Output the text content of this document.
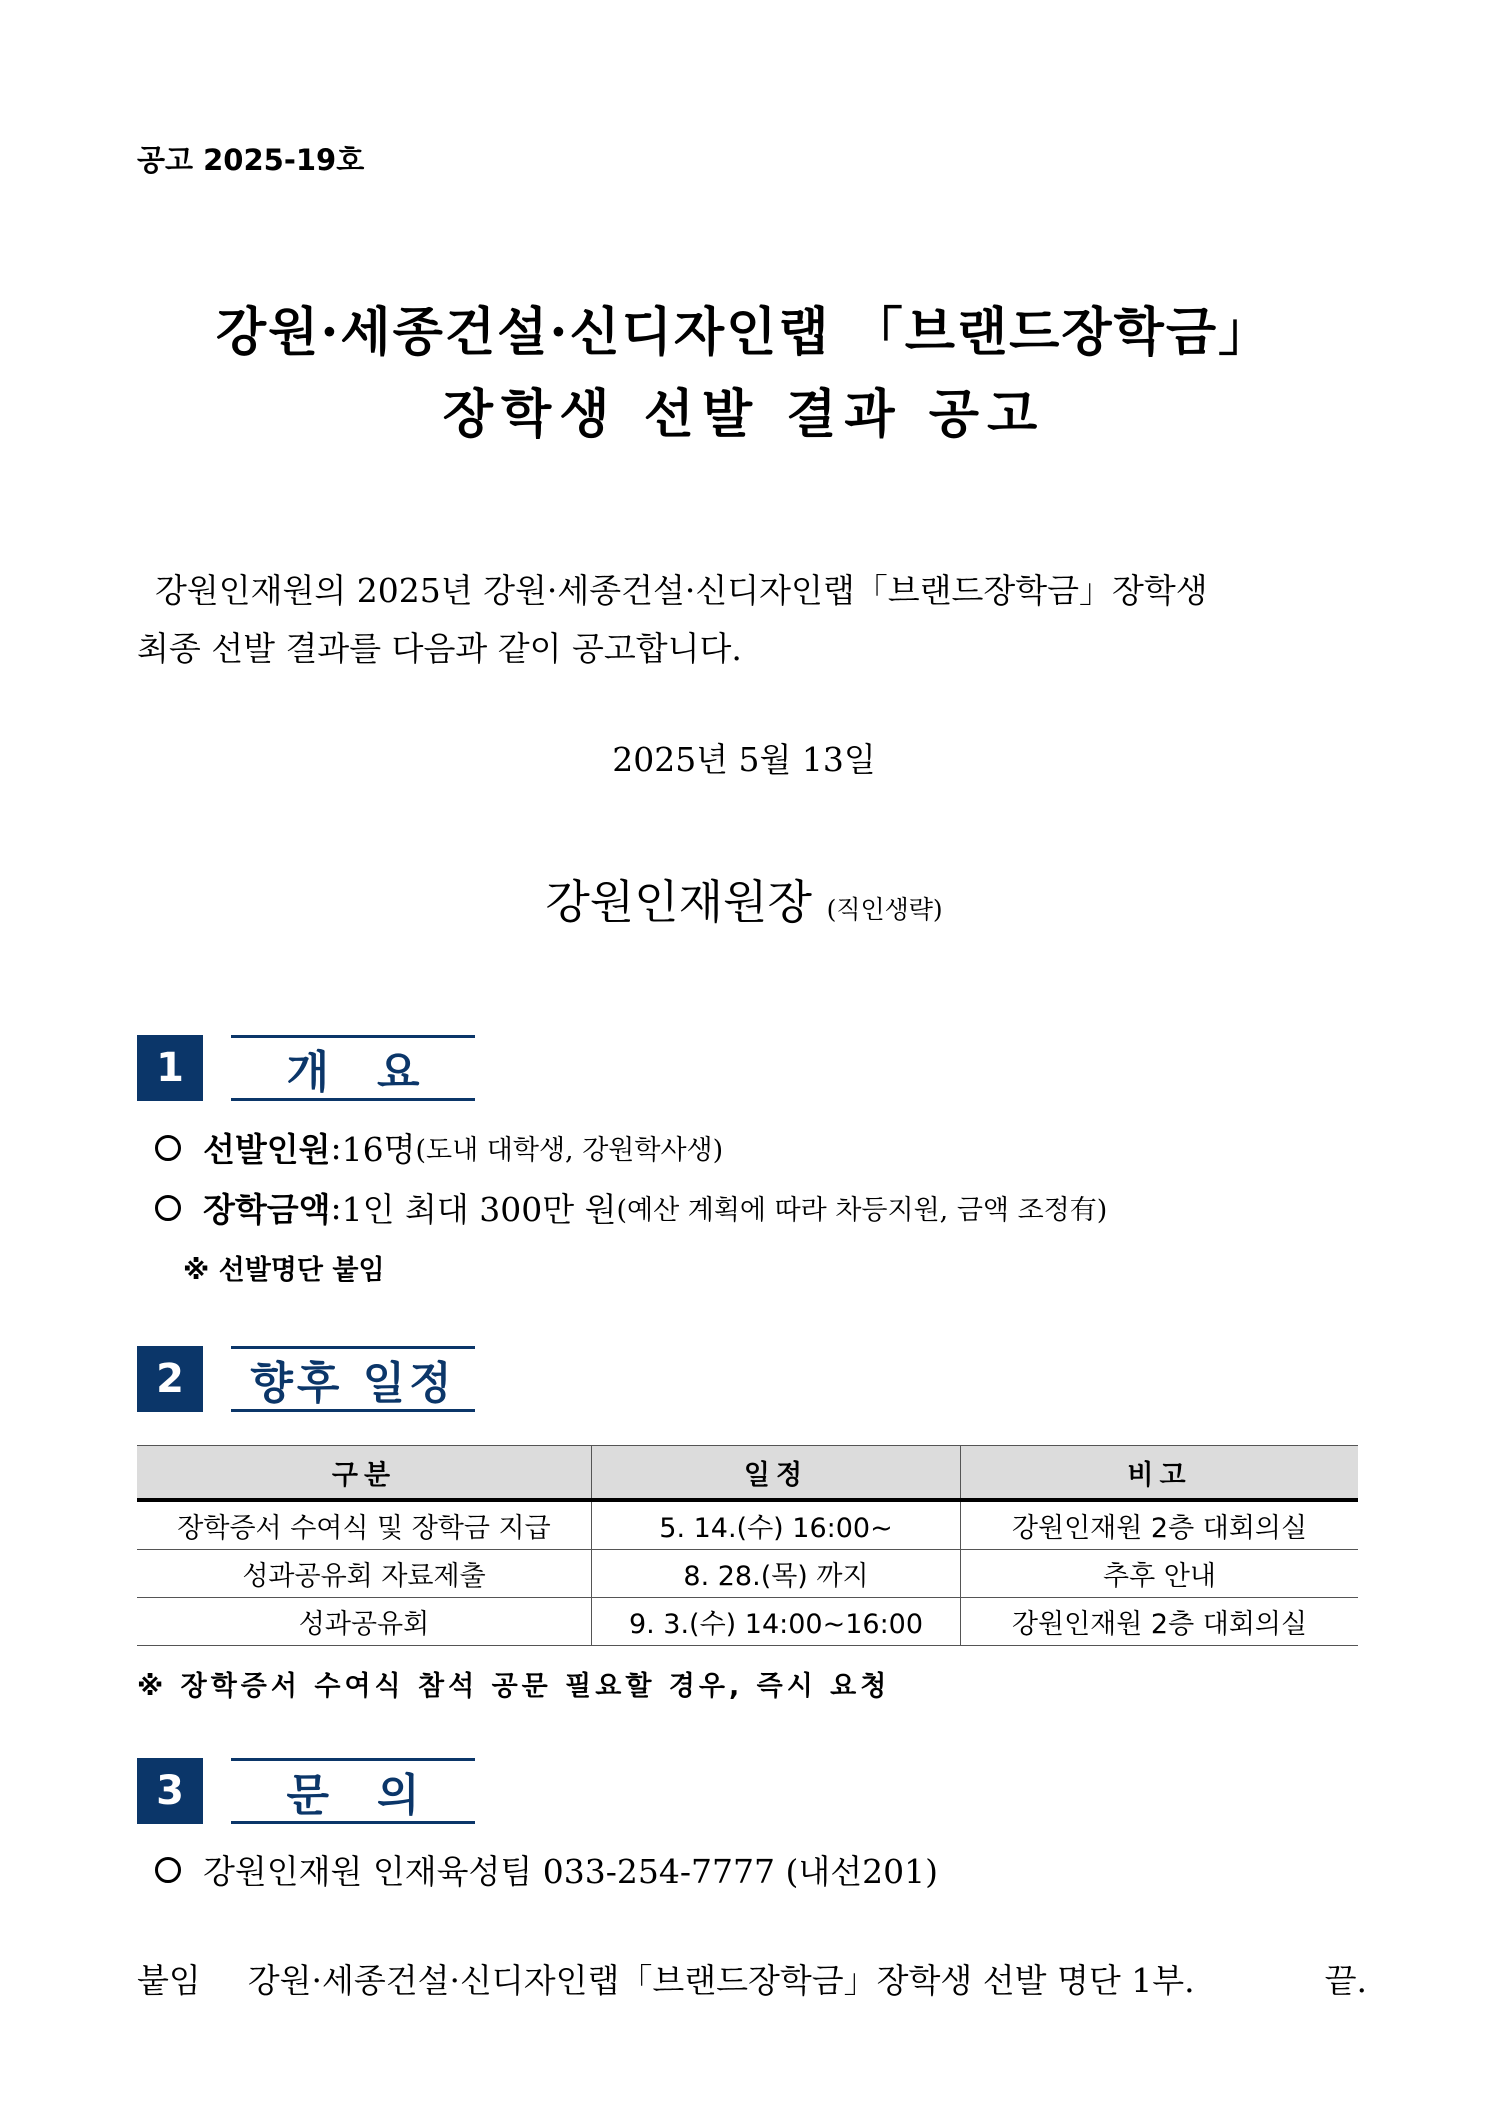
공고 2025-19호
강원·세종건설·신디자인랩 「브랜드장학금」
장학생 선발 결과 공고
강원인재원의 2025년 강원·세종건설·신디자인랩「브랜드장학금」장학생
최종 선발 결과를 다음과 같이 공고합니다.
2025년 5월 13일
강원인재원장 (직인생략)
1	개요
선발인원 : 16명 (도내 대학생, 강원학사생)
장학금액 : 1인 최대 300만 원 (예산 계획에 따라 차등지원, 금액 조정有)
※ 선발명단 붙임
2	향후 일정
구분	일정	비고
장학증서 수여식 및 장학금 지급	5. 14.(수) 16:00~	강원인재원 2층 대회의실
성과공유회 자료제출	8. 28.(목) 까지	추후 안내
성과공유회	9. 3.(수) 14:00~16:00	강원인재원 2층 대회의실
※ 장학증서 수여식 참석 공문 필요할 경우, 즉시 요청
3	문의
강원인재원 인재육성팀 033-254-7777 (내선201)
붙임 강원·세종건설·신디자인랩「브랜드장학금」장학생 선발 명단 1부.	끝.
